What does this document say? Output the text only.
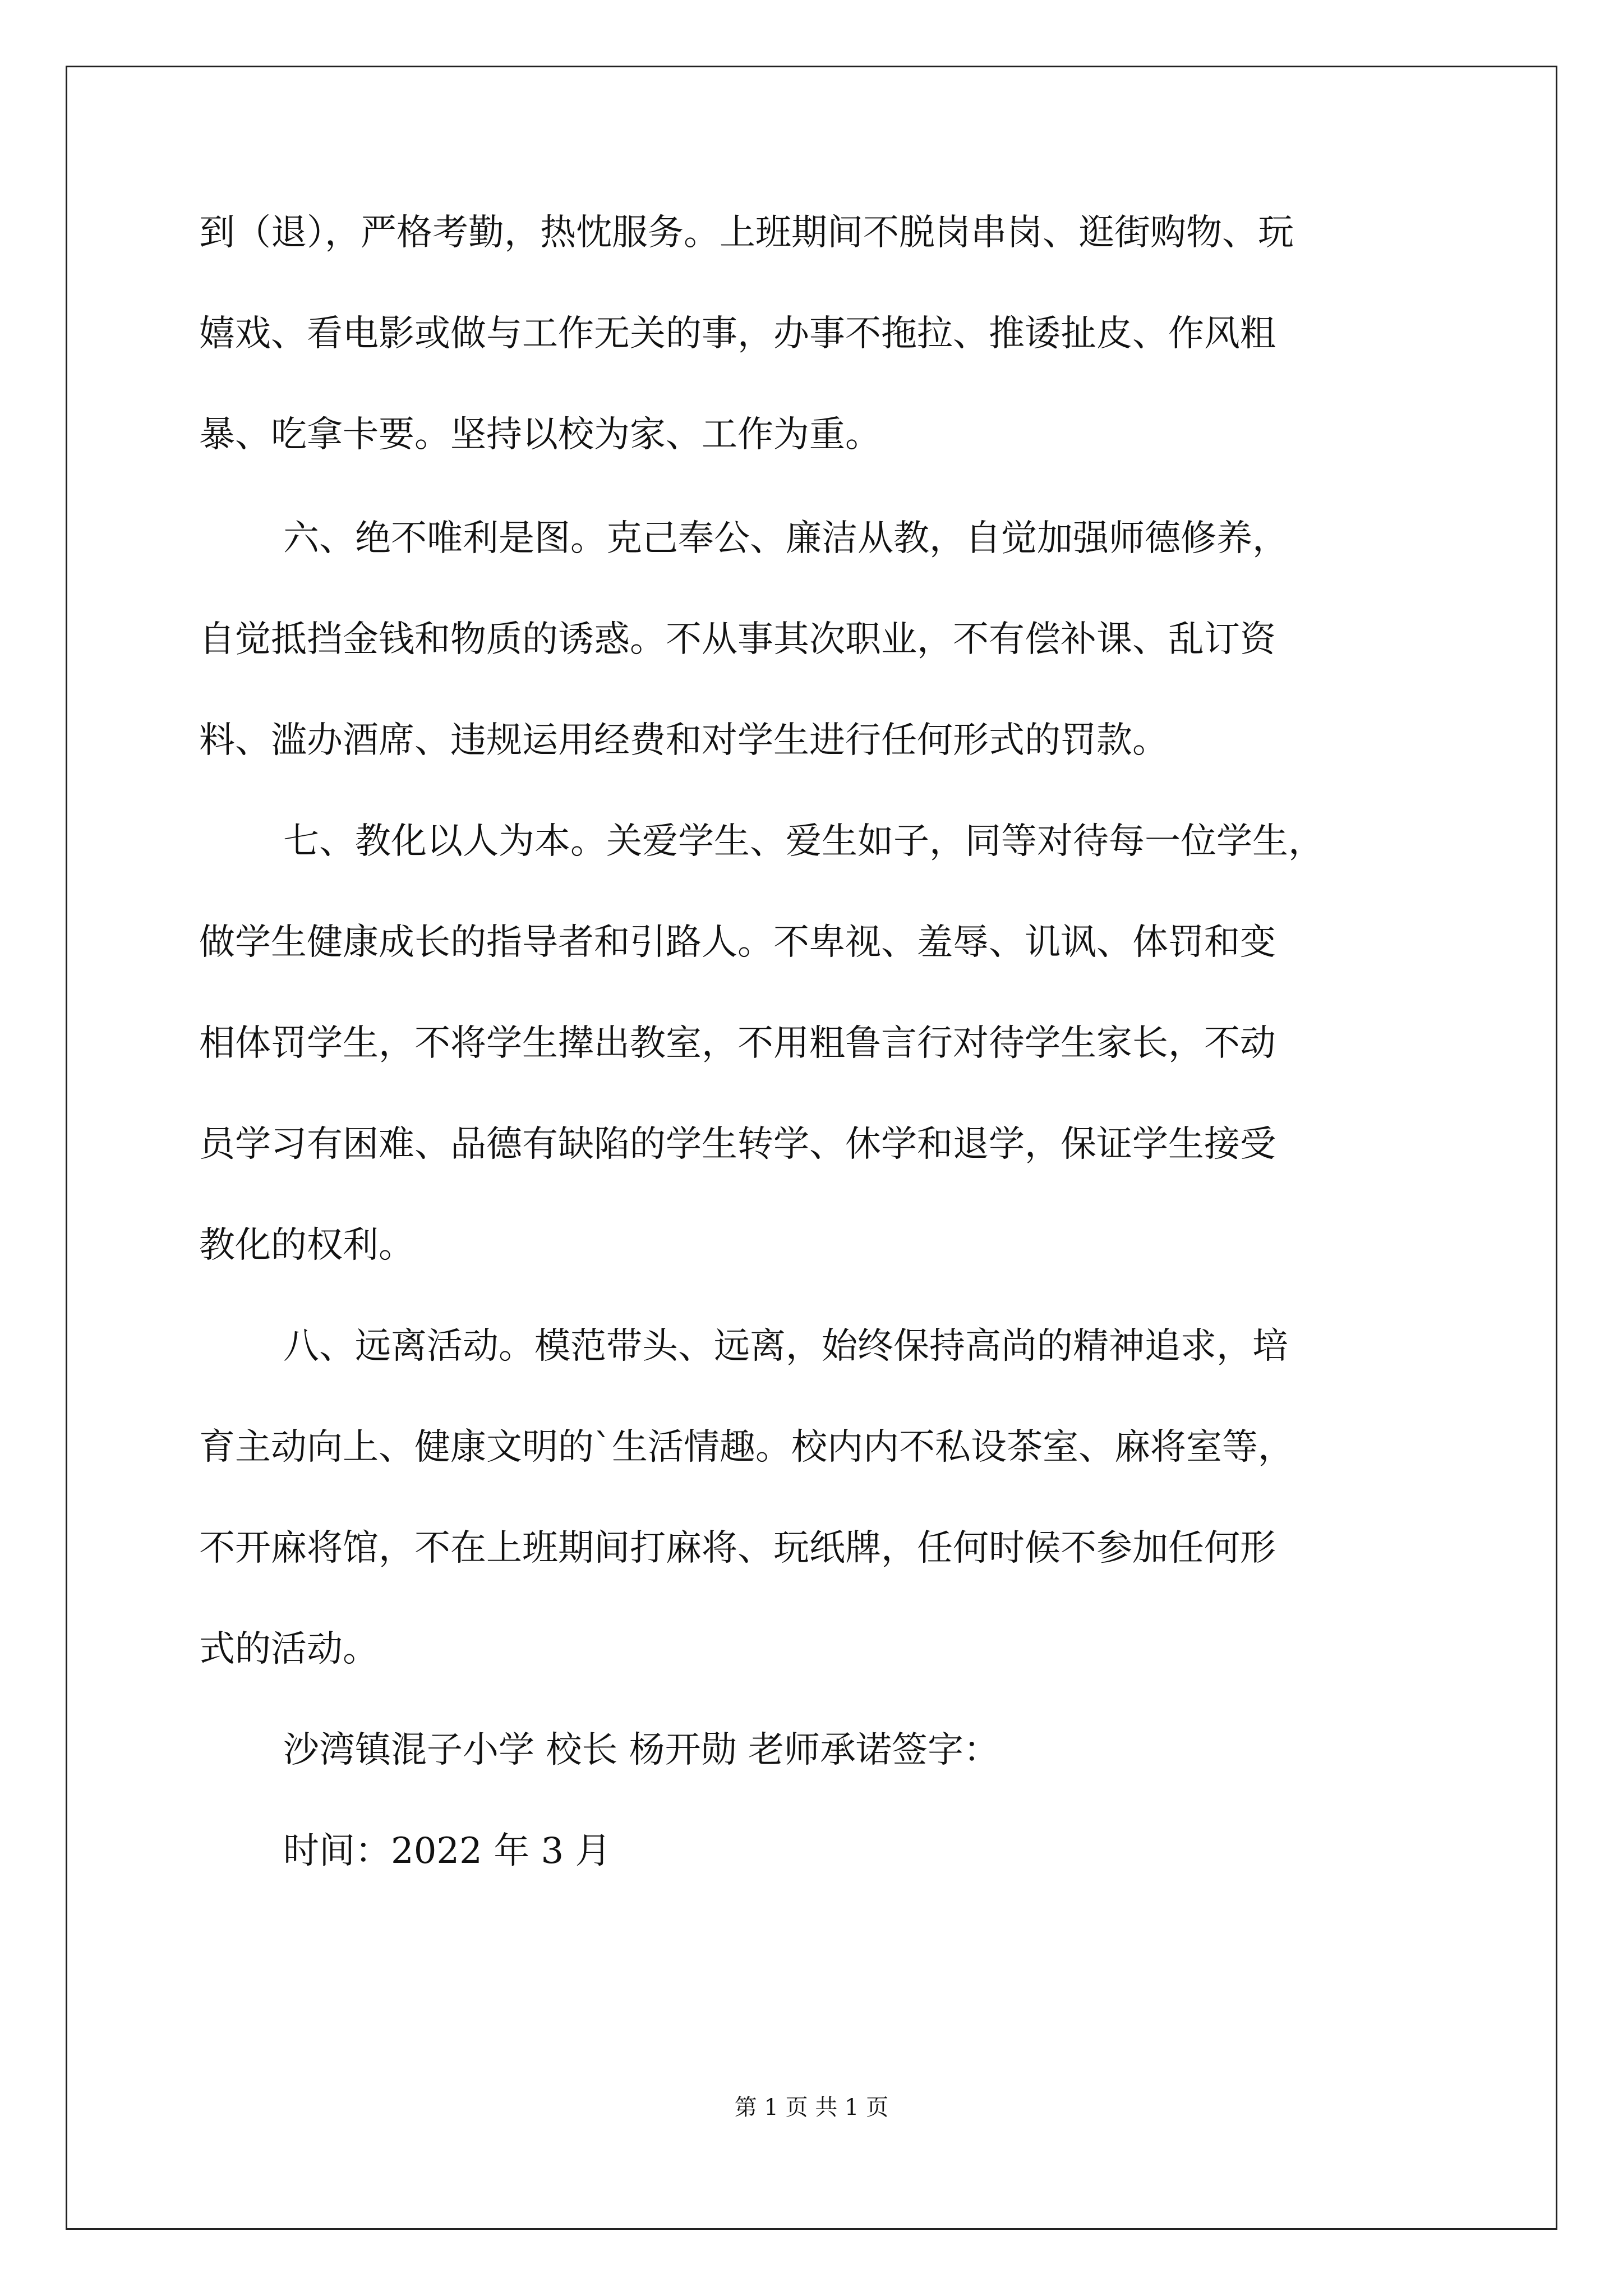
到（退），严格考勤，热忱服务。上班期间不脱岗串岗、逛街购物、玩
嬉戏、看电影或做与工作无关的事，办事不拖拉、推诿扯皮、作风粗
暴、吃拿卡要。坚持以校为家、工作为重。
六、绝不唯利是图。克己奉公、廉洁从教，自觉加强师德修养，
自觉抵挡金钱和物质的诱惑。不从事其次职业，不有偿补课、乱订资
料、滥办酒席、违规运用经费和对学生进行任何形式的罚款。
七、教化以人为本。关爱学生、爱生如子，同等对待每一位学生，
做学生健康成长的指导者和引路人。不卑视、羞辱、讥讽、体罚和变
相体罚学生，不将学生撵出教室，不用粗鲁言行对待学生家长，不动
员学习有困难、品德有缺陷的学生转学、休学和退学，保证学生接受
教化的权利。
八、远离活动。模范带头、远离，始终保持高尚的精神追求，培
育主动向上、健康文明的`生活情趣。校内内不私设茶室、麻将室等，
不开麻将馆，不在上班期间打麻将、玩纸牌，任何时候不参加任何形
式的活动。
沙湾镇混子小学 校长 杨开勋 老师承诺签字：
时间：2022 年 3 月
第 1 页 共 1 页
